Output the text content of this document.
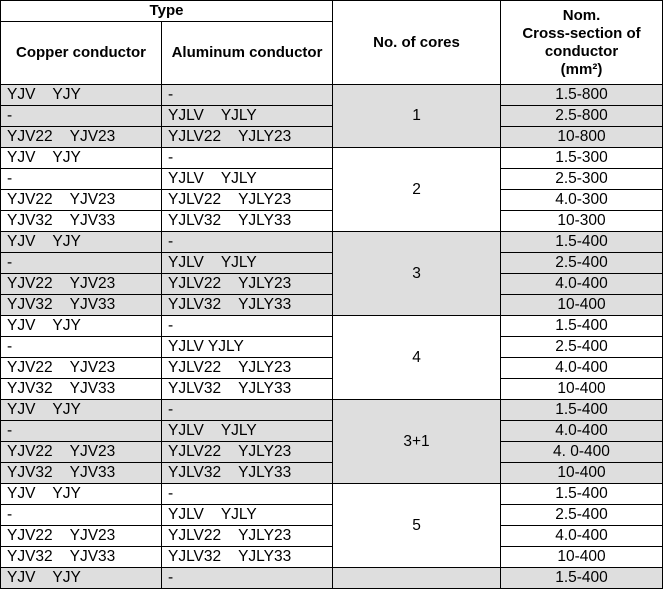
Type		No. of cores	Nom.
Cross-section of conductor
(mm²)
Copper conductor	Aluminum conductor		
YJV    YJY	-	1	1.5-800
-	YJLV    YJLY		2.5-800
YJV22    YJV23	YJLV22    YJLY23		10-800
YJV    YJY	-	2	1.5-300
-	YJLV    YJLY		2.5-300
YJV22    YJV23	YJLV22    YJLY23		4.0-300
YJV32    YJV33	YJLV32    YJLY33		10-300
YJV    YJY	-	3	1.5-400
-	YJLV    YJLY		2.5-400
YJV22    YJV23	YJLV22    YJLY23		4.0-400
YJV32    YJV33	YJLV32    YJLY33		10-400
YJV    YJY	-	4	1.5-400
-	YJLV YJLY		2.5-400
YJV22    YJV23	YJLV22    YJLY23		4.0-400
YJV32    YJV33	YJLV32    YJLY33		10-400
YJV    YJY	-	3+1	1.5-400
-	YJLV    YJLY		4.0-400
YJV22    YJV23	YJLV22    YJLY23		4. 0-400
YJV32    YJV33	YJLV32    YJLY33		10-400
YJV    YJY	-	5	1.5-400
-	YJLV    YJLY		2.5-400
YJV22    YJV23	YJLV22    YJLY23		4.0-400
YJV32    YJV33	YJLV32    YJLY33		10-400
YJV    YJY	-		1.5-400
